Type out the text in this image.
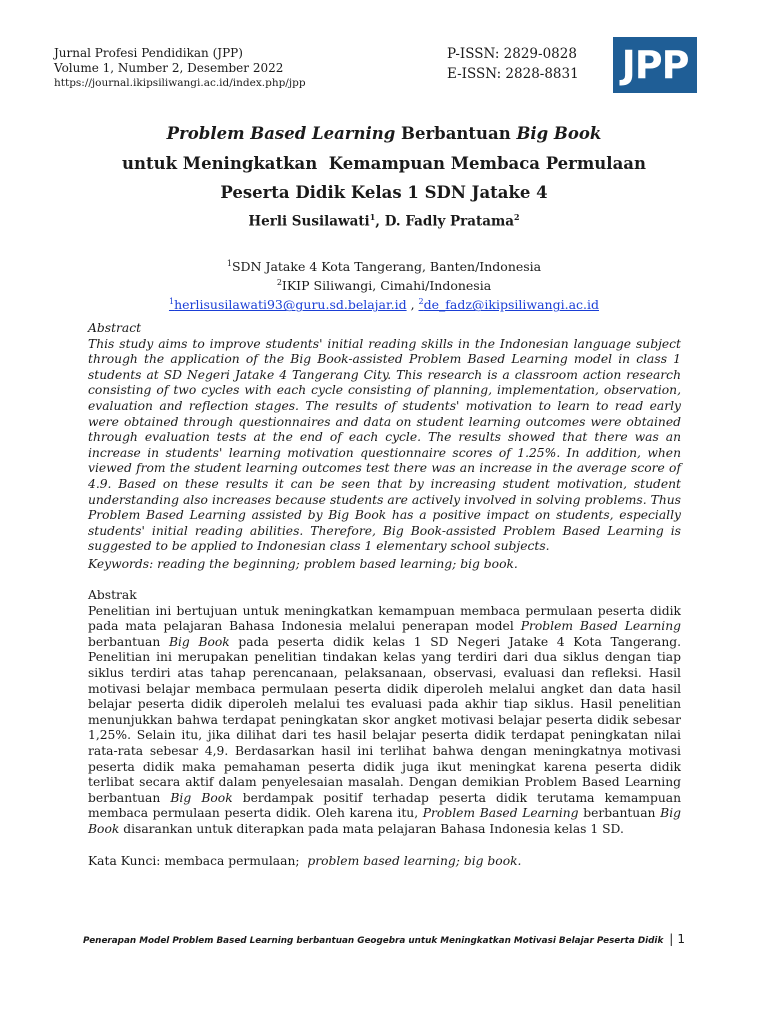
Jurnal Profesi Pendidikan (JPP)
Volume 1, Number 2, Desember 2022
https://journal.ikipsiliwangi.ac.id/index.php/jpp
P-ISSN: 2829-0828
E-ISSN: 2828-8831 JPP
Problem Based Learning Berbantuan Big Book
untuk Meningkatkan  Kemampuan Membaca Permulaan
Peserta Didik Kelas 1 SDN Jatake 4
Herli Susilawati$^1$, D. Fadly Pratama$^2$
$^1$SDN Jatake 4 Kota Tangerang, Banten/Indonesia
$^2$IKIP Siliwangi, Cimahi/Indonesia
$^1$herlisusilawati93@guru.sd.belajar.id , $^2$de_fadz@ikipsiliwangi.ac.id
Abstract

This study aims to improve students' initial reading skills in the Indonesian language subject through the application of the Big Book-assisted Problem Based Learning model in class 1 students at SD Negeri Jatake 4 Tangerang City. This research is a classroom action research consisting of two cycles with each cycle consisting of planning, implementation, observation, evaluation and reflection stages. The results of students' motivation to learn to read early were obtained through questionnaires and data on student learning outcomes were obtained through evaluation tests at the end of each cycle. The results showed that there was an increase in students' learning motivation questionnaire scores of 1.25%. In addition, when viewed from the student learning outcomes test there was an increase in the average score of 4.9. Based on these results it can be seen that by increasing student motivation, student understanding also increases because students are actively involved in solving problems. Thus Problem Based Learning assisted by Big Book has a positive impact on students, especially students' initial reading abilities. Therefore, Big Book-assisted Problem Based Learning is suggested to be applied to Indonesian class 1 elementary school subjects.

Keywords: reading the beginning; problem based learning; big book.
Abstrak

Penelitian ini bertujuan untuk meningkatkan kemampuan membaca permulaan peserta didik pada mata pelajaran Bahasa Indonesia melalui penerapan model Problem Based Learning berbantuan Big Book pada peserta didik kelas 1 SD Negeri Jatake 4 Kota Tangerang. Penelitian ini merupakan penelitian tindakan kelas yang terdiri dari dua siklus dengan tiap siklus terdiri atas tahap perencanaan, pelaksanaan, observasi, evaluasi dan refleksi. Hasil motivasi belajar membaca permulaan peserta didik diperoleh melalui angket dan data hasil belajar peserta didik diperoleh melalui tes evaluasi pada akhir tiap siklus. Hasil penelitian menunjukkan bahwa terdapat peningkatan skor angket motivasi belajar peserta didik sebesar 1,25%. Selain itu, jika dilihat dari tes hasil belajar peserta didik terdapat peningkatan nilai rata-rata sebesar 4,9. Berdasarkan hasil ini terlihat bahwa dengan meningkatnya motivasi peserta didik maka pemahaman peserta didik juga ikut meningkat karena peserta didik terlibat secara aktif dalam penyelesaian masalah. Dengan demikian Problem Based Learning berbantuan Big Book berdampak positif terhadap peserta didik terutama kemampuan membaca permulaan peserta didik. Oleh karena itu, Problem Based Learning berbantuan Big Book disarankan untuk diterapkan pada mata pelajaran Bahasa Indonesia kelas 1 SD.

Kata Kunci: membaca permulaan;  problem based learning; big book.
Penerapan Model Problem Based Learning berbantuan Geogebra untuk Meningkatkan Motivasi Belajar Peserta Didik | 1
